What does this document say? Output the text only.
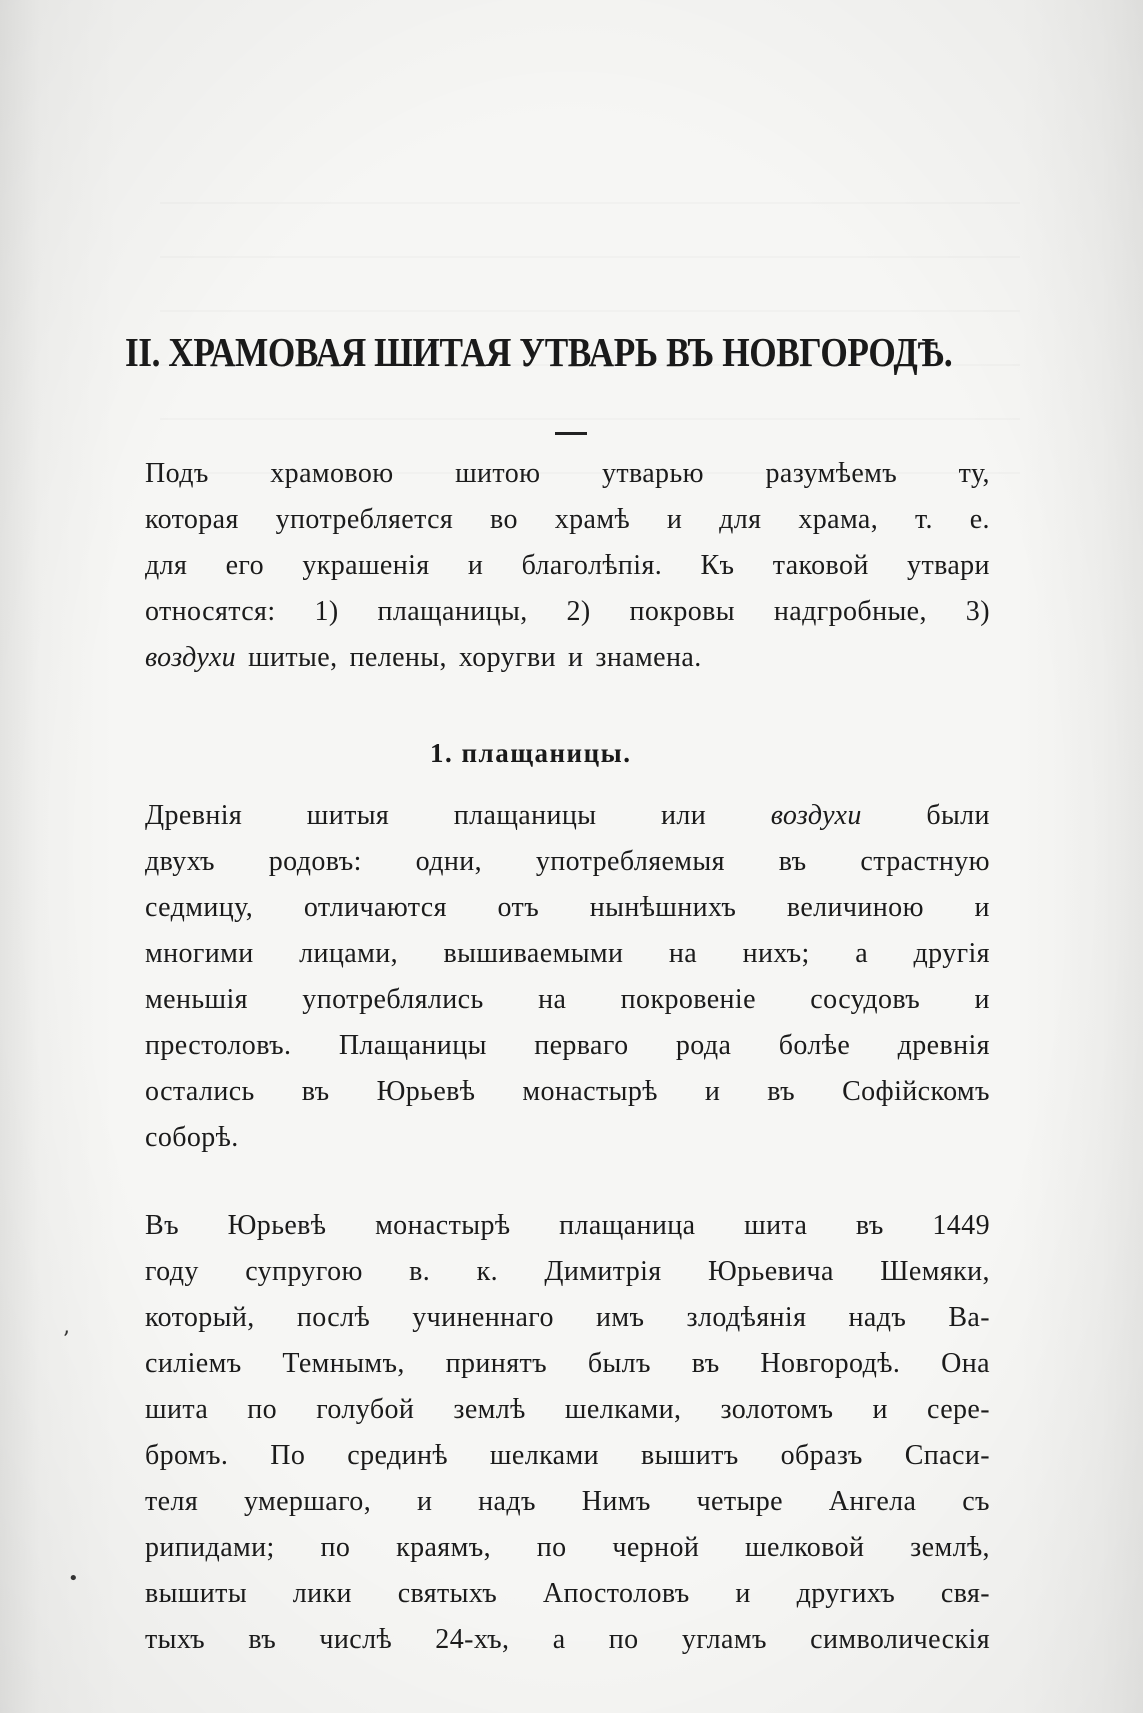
II. ХРАМОВАЯ ШИТАЯ УТВАРЬ ВЪ НОВГОРОДѢ.
Подъ храмовою шитою утварью разумѣемъ ту,
которая употребляется во храмѣ и для храма, т. е.
для его украшенія и благолѣпія. Къ таковой утвари
относятся: 1) плащаницы, 2) покровы надгробные, 3)
воздухи шитые, пелены, хоругви и знамена.
1. плащаницы.
Древнія шитыя плащаницы или воздухи были
двухъ родовъ: одни, употребляемыя въ страстную
седмицу, отличаются отъ нынѣшнихъ величиною и
многими лицами, вышиваемыми на нихъ; а другія
меньшія употреблялись на покровеніе сосудовъ и
престоловъ. Плащаницы перваго рода болѣе древнія
остались въ Юрьевѣ монастырѣ и въ Софійскомъ
соборѣ.
Въ Юрьевѣ монастырѣ плащаница шита въ 1449
году супругою в. к. Димитрія Юрьевича Шемяки,
который, послѣ учиненнаго имъ злодѣянія надъ Ва-
силіемъ Темнымъ, принятъ былъ въ Новгородѣ. Она
шита по голубой землѣ шелками, золотомъ и сере-
бромъ. По срединѣ шелками вышитъ образъ Спаси-
теля умершаго, и надъ Нимъ четыре Ангела съ
рипидами; по краямъ, по черной шелковой землѣ,
вышиты лики святыхъ Апостоловъ и другихъ свя-
тыхъ въ числѣ 24-хъ, а по угламъ символическія
ʼ
•
